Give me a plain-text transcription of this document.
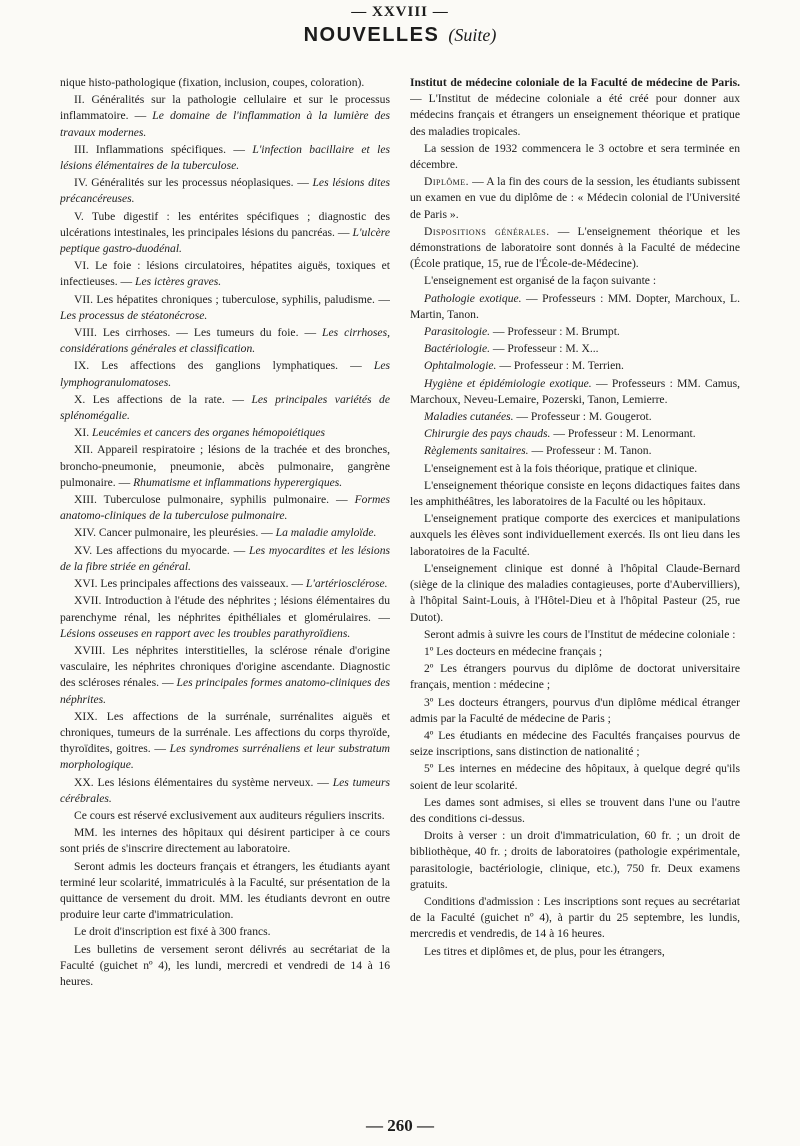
— XXVIII —
NOUVELLES (Suite)

nique histo-pathologique (fixation, inclusion, coupes, coloration).

II. Généralités sur la pathologie cellulaire et sur le processus inflammatoire. — Le domaine de l'inflammation à la lumière des travaux modernes.

III. Inflammations spécifiques. — L'infection bacillaire et les lésions élémentaires de la tuberculose.

IV. Généralités sur les processus néoplasiques. — Les lésions dites précancéreuses.

V. Tube digestif : les entérites spécifiques ; diagnostic des ulcérations intestinales, les principales lésions du pancréas. — L'ulcère peptique gastro-duodénal.

VI. Le foie : lésions circulatoires, hépatites aiguës, toxiques et infectieuses. — Les ictères graves.

VII. Les hépatites chroniques ; tuberculose, syphilis, paludisme. — Les processus de stéatonécrose.

VIII. Les cirrhoses. — Les tumeurs du foie. — Les cirrhoses, considérations générales et classification.

IX. Les affections des ganglions lymphatiques. — Les lymphogranulomatoses.

X. Les affections de la rate. — Les principales variétés de splénomégalie.

XI. Leucémies et cancers des organes hémopoiétiques

XII. Appareil respiratoire ; lésions de la trachée et des bronches, broncho-pneumonie, pneumonie, abcès pulmonaire, gangrène pulmonaire. — Rhumatisme et inflammations hyperergiques.

XIII. Tuberculose pulmonaire, syphilis pulmonaire. — Formes anatomo-cliniques de la tuberculose pulmonaire.

XIV. Cancer pulmonaire, les pleurésies. — La maladie amyloïde.

XV. Les affections du myocarde. — Les myocardites et les lésions de la fibre striée en général.

XVI. Les principales affections des vaisseaux. — L'artériosclérose.

XVII. Introduction à l'étude des néphrites ; lésions élémentaires du parenchyme rénal, les néphrites épithéliales et glomérulaires. — Lésions osseuses en rapport avec les troubles parathyroïdiens.

XVIII. Les néphrites interstitielles, la sclérose rénale d'origine vasculaire, les néphrites chroniques d'origine ascendante. Diagnostic des scléroses rénales. — Les principales formes anatomo-cliniques des néphrites.

XIX. Les affections de la surrénale, surrénalites aiguës et chroniques, tumeurs de la surrénale. Les affections du corps thyroïde, thyroïdites, goitres. — Les syndromes surrénaliens et leur substratum morphologique.

XX. Les lésions élémentaires du système nerveux. — Les tumeurs cérébrales.

Ce cours est réservé exclusivement aux auditeurs réguliers inscrits.

MM. les internes des hôpitaux qui désirent participer à ce cours sont priés de s'inscrire directement au laboratoire.

Seront admis les docteurs français et étrangers, les étudiants ayant terminé leur scolarité, immatriculés à la Faculté, sur présentation de la quittance de versement du droit. MM. les étudiants devront en outre produire leur carte d'immatriculation.

Le droit d'inscription est fixé à 300 francs.

Les bulletins de versement seront délivrés au secrétariat de la Faculté (guichet nº 4), les lundi, mercredi et vendredi de 14 à 16 heures.

Institut de médecine coloniale de la Faculté de médecine de Paris. — L'Institut de médecine coloniale a été créé pour donner aux médecins français et étrangers un enseignement théorique et pratique des maladies tropicales.

La session de 1932 commencera le 3 octobre et sera terminée en décembre.

Diplôme. — A la fin des cours de la session, les étudiants subissent un examen en vue du diplôme de : « Médecin colonial de l'Université de Paris ».

Dispositions générales. — L'enseignement théorique et les démonstrations de laboratoire sont donnés à la Faculté de médecine (École pratique, 15, rue de l'École-de-Médecine).

L'enseignement est organisé de la façon suivante :

Pathologie exotique. — Professeurs : MM. Dopter, Marchoux, L. Martin, Tanon.

Parasitologie. — Professeur : M. Brumpt.

Bactériologie. — Professeur : M. X...

Ophtalmologie. — Professeur : M. Terrien.

Hygiène et épidémiologie exotique. — Professeurs : MM. Camus, Marchoux, Neveu-Lemaire, Pozerski, Tanon, Lemierre.

Maladies cutanées. — Professeur : M. Gougerot.

Chirurgie des pays chauds. — Professeur : M. Lenormant.

Règlements sanitaires. — Professeur : M. Tanon.

L'enseignement est à la fois théorique, pratique et clinique.

L'enseignement théorique consiste en leçons didactiques faites dans les amphithéâtres, les laboratoires de la Faculté ou les hôpitaux.

L'enseignement pratique comporte des exercices et manipulations auxquels les élèves sont individuellement exercés. Ils ont lieu dans les laboratoires de la Faculté.

L'enseignement clinique est donné à l'hôpital Claude-Bernard (siège de la clinique des maladies contagieuses, porte d'Aubervilliers), à l'hôpital Saint-Louis, à l'Hôtel-Dieu et à l'hôpital Pasteur (25, rue Dutot).

Seront admis à suivre les cours de l'Institut de médecine coloniale :

1º Les docteurs en médecine français ;

2º Les étrangers pourvus du diplôme de doctorat universitaire français, mention : médecine ;

3º Les docteurs étrangers, pourvus d'un diplôme médical étranger admis par la Faculté de médecine de Paris ;

4º Les étudiants en médecine des Facultés françaises pourvus de seize inscriptions, sans distinction de nationalité ;

5º Les internes en médecine des hôpitaux, à quelque degré qu'ils soient de leur scolarité.

Les dames sont admises, si elles se trouvent dans l'une ou l'autre des conditions ci-dessus.

Droits à verser : un droit d'immatriculation, 60 fr. ; un droit de bibliothèque, 40 fr. ; droits de laboratoires (pathologie expérimentale, parasitologie, bactériologie, clinique, etc.), 750 fr. Deux examens gratuits.

Conditions d'admission : Les inscriptions sont reçues au secrétariat de la Faculté (guichet nº 4), à partir du 25 septembre, les lundis, mercredis et vendredis, de 14 à 16 heures.

Les titres et diplômes et, de plus, pour les étrangers,

— 260 —
